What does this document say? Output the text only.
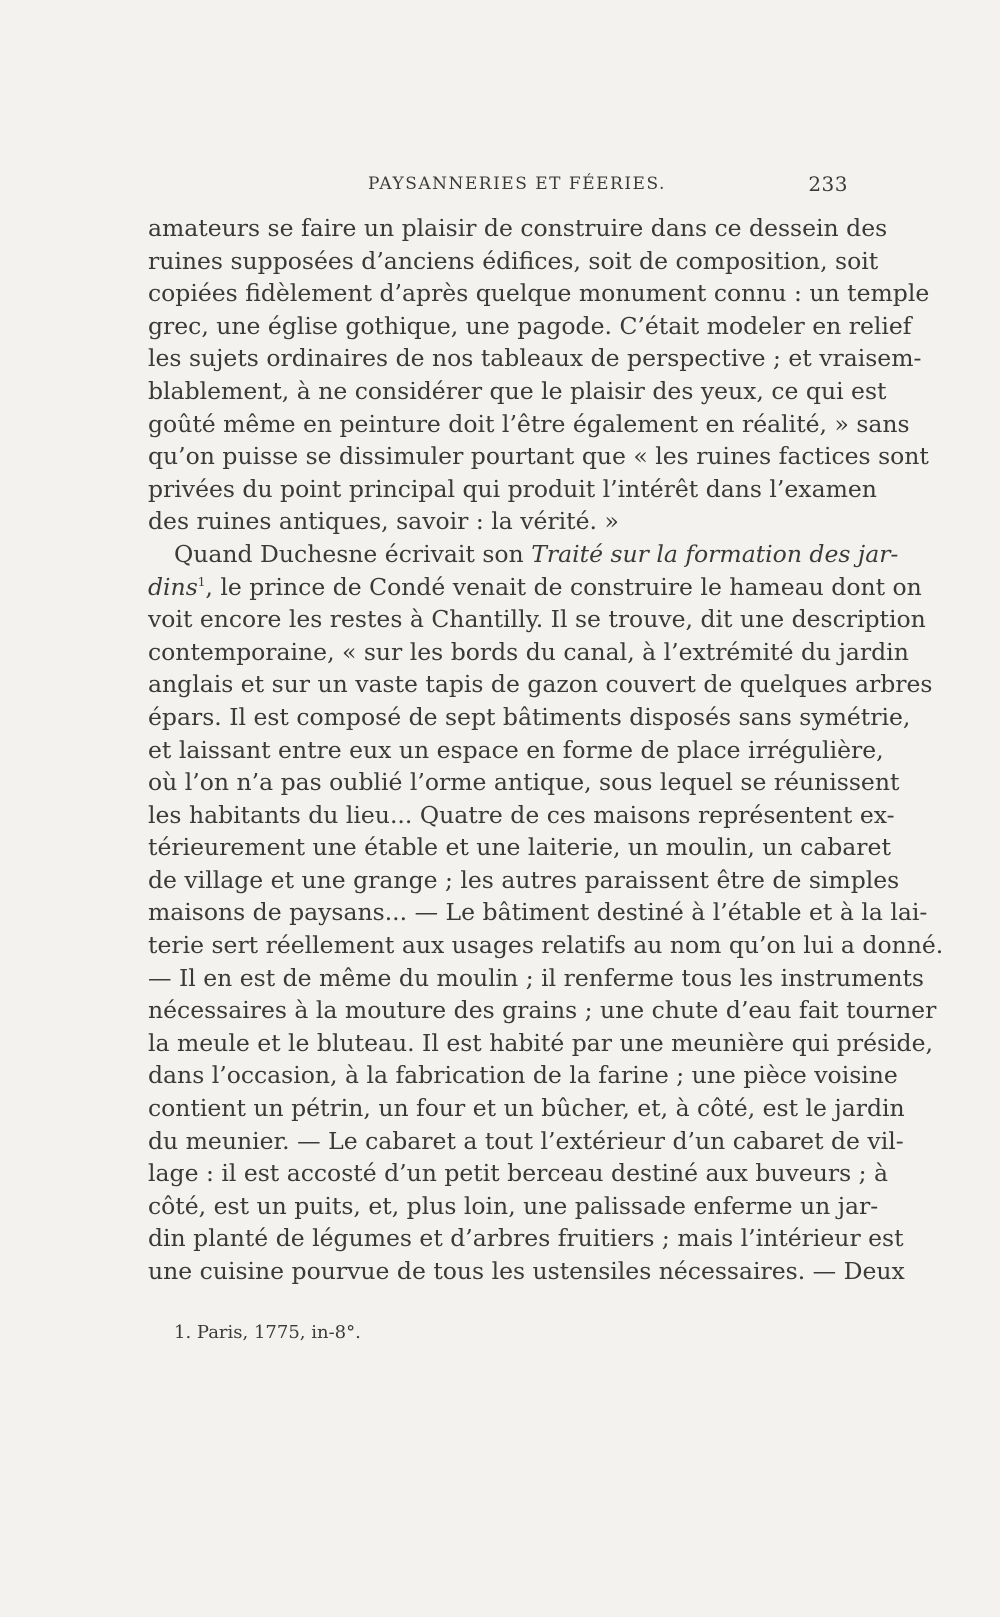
PAYSANNERIES ET FÉERIES.	233
amateurs se faire un plaisir de construire dans ce dessein des
ruines supposées d’anciens édifices, soit de composition, soit
copiées fidèlement d’après quelque monument connu : un temple
grec, une église gothique, une pagode. C’était modeler en relief
les sujets ordinaires de nos tableaux de perspective ; et vraisem-
blablement, à ne considérer que le plaisir des yeux, ce qui est
goûté même en peinture doit l’être également en réalité, » sans
qu’on puisse se dissimuler pourtant que « les ruines factices sont
privées du point principal qui produit l’intérêt dans l’examen
des ruines antiques, savoir : la vérité. »
Quand Duchesne écrivait son Traité sur la formation des jar-
dins$^1$, le prince de Condé venait de construire le hameau dont on
voit encore les restes à Chantilly. Il se trouve, dit une description
contemporaine, « sur les bords du canal, à l’extrémité du jardin
anglais et sur un vaste tapis de gazon couvert de quelques arbres
épars. Il est composé de sept bâtiments disposés sans symétrie,
et laissant entre eux un espace en forme de place irrégulière,
où l’on n’a pas oublié l’orme antique, sous lequel se réunissent
les habitants du lieu... Quatre de ces maisons représentent ex-
térieurement une étable et une laiterie, un moulin, un cabaret
de village et une grange ; les autres paraissent être de simples
maisons de paysans... — Le bâtiment destiné à l’étable et à la lai-
terie sert réellement aux usages relatifs au nom qu’on lui a donné.
— Il en est de même du moulin ; il renferme tous les instruments
nécessaires à la mouture des grains ; une chute d’eau fait tourner
la meule et le bluteau. Il est habité par une meunière qui préside,
dans l’occasion, à la fabrication de la farine ; une pièce voisine
contient un pétrin, un four et un bûcher, et, à côté, est le jardin
du meunier. — Le cabaret a tout l’extérieur d’un cabaret de vil-
lage : il est accosté d’un petit berceau destiné aux buveurs ; à
côté, est un puits, et, plus loin, une palissade enferme un jar-
din planté de légumes et d’arbres fruitiers ; mais l’intérieur est
une cuisine pourvue de tous les ustensiles nécessaires. — Deux
1. Paris, 1775, in-8°.
